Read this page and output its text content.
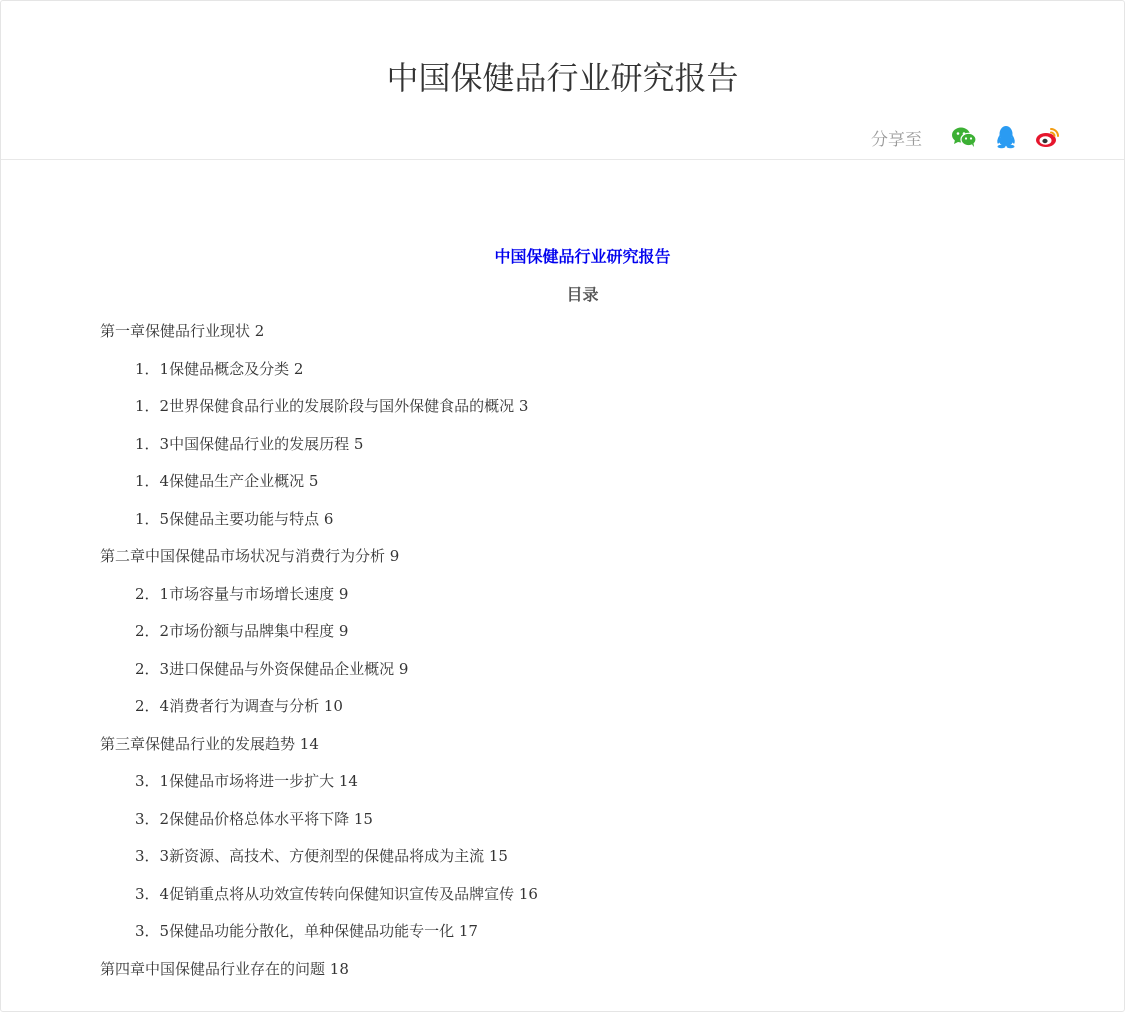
中国保健品行业研究报告
分享至
中国保健品行业研究报告
目录
第一章保健品行业现状 2
1．1保健品概念及分类 2
1．2世界保健食品行业的发展阶段与国外保健食品的概况 3
1．3中国保健品行业的发展历程 5
1．4保健品生产企业概况 5
1．5保健品主要功能与特点 6
第二章中国保健品市场状况与消费行为分析 9
2．1市场容量与市场增长速度 9
2．2市场份额与品牌集中程度 9
2．3进口保健品与外资保健品企业概况 9
2．4消费者行为调查与分析 10
第三章保健品行业的发展趋势 14
3．1保健品市场将进一步扩大 14
3．2保健品价格总体水平将下降 15
3．3新资源、高技术、方便剂型的保健品将成为主流 15
3．4促销重点将从功效宣传转向保健知识宣传及品牌宣传 16
3．5保健品功能分散化，单种保健品功能专一化 17
第四章中国保健品行业存在的问题 18
